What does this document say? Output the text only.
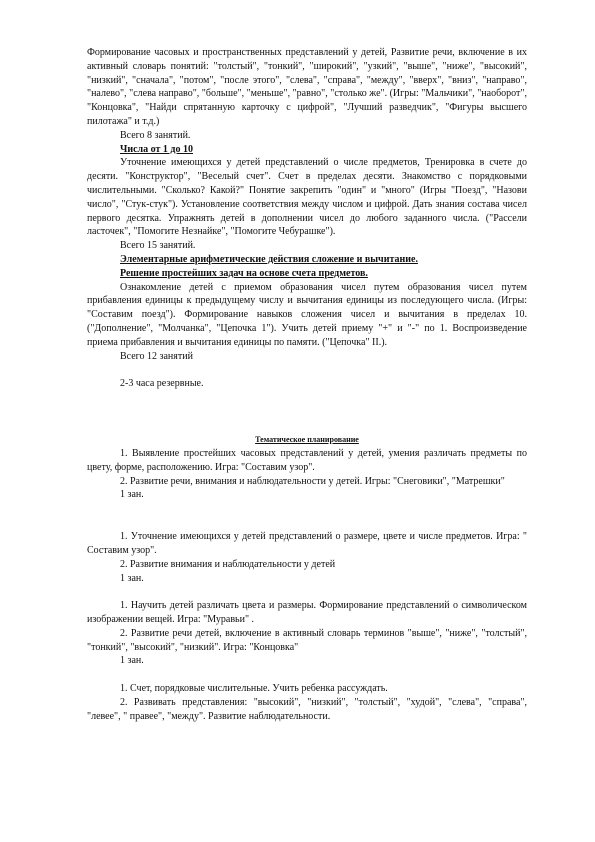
Формирование часовых и пространственных представлений у детей, Развитие речи, включение в их активный словарь понятий: "толстый", "тонкий", "широкий", "узкий", "выше", "ниже", "высокий", "низкий", "сначала", "потом", "после этого", "слева", "справа", "между", "вверх", "вниз", "направо", "налево", "слева направо", "больше", "меньше", "равно", "столько же". (Игры: "Мальчики", "наоборот", "Концовка", "Найди спрятанную карточку с цифрой", "Лучший разведчик", "Фигуры высшего пилотажа" и т.д.)

Всего 8 занятий.

Числа от 1 до 10

Уточнение имеющихся у детей представлений о числе предметов, Тренировка в счете до десяти. "Конструктор", "Веселый счет". Счет в пределах десяти. Знакомство с порядковыми числительными. "Сколько? Какой?" Понятие закрепить "один" и "много" (Игры "Поезд", "Назови число", "Стук-стук"). Установление соответствия между числом и цифрой. Дать знания состава чисел первого десятка. Упражнять детей в дополнении чисел до любого заданного числа. ("Рассели ласточек", "Помогите Незнайке", "Помогите Чебурашке").

Всего 15 занятий.

Элементарные арифметические действия сложение и вычитание.

Решение простейших задач на основе счета предметов.

Ознакомление детей с приемом образования чисел путем образования чисел путем прибавления единицы к предыдущему числу и вычитания единицы из последующего числа. (Игры: "Составим поезд"). Формирование навыков сложения чисел и вычитания в пределах 10. ("Дополнение", "Молчанка", "Цепочка 1"). Учить детей приему "+" и "-" по 1. Воспроизведение приема прибавления и вычитания единицы по памяти. ("Цепочка" II.).

Всего 12 занятий

2-3 часа резервные.

Тематическое планирование

1. Выявление простейших часовых представлений у детей, умения различать предметы по цвету, форме, расположению. Игра: "Составим узор".

2. Развитие речи, внимания и наблюдательности у детей. Игры: "Снеговики", "Матрешки"

1 зан.

1. Уточнение имеющихся у детей представлений о размере, цвете и числе предметов. Игра: " Составим узор".

2. Развитие внимания и наблюдательности у детей

1 зан.

1. Научить детей различать цвета и размеры. Формирование представлений о символическом изображении вещей. Игра: "Муравьи" .

2. Развитие речи детей, включение в активный словарь терминов "выше", "ниже", "толстый", "тонкий", "высокий", "низкий". Игра: "Концовка"

1 зан.

1. Счет, порядковые числительные. Учить ребенка рассуждать.

2. Развивать представления: "высокий", "низкий", "толстый", "худой", "слева", "справа", "левее", " правее", "между". Развитие наблюдательности.
